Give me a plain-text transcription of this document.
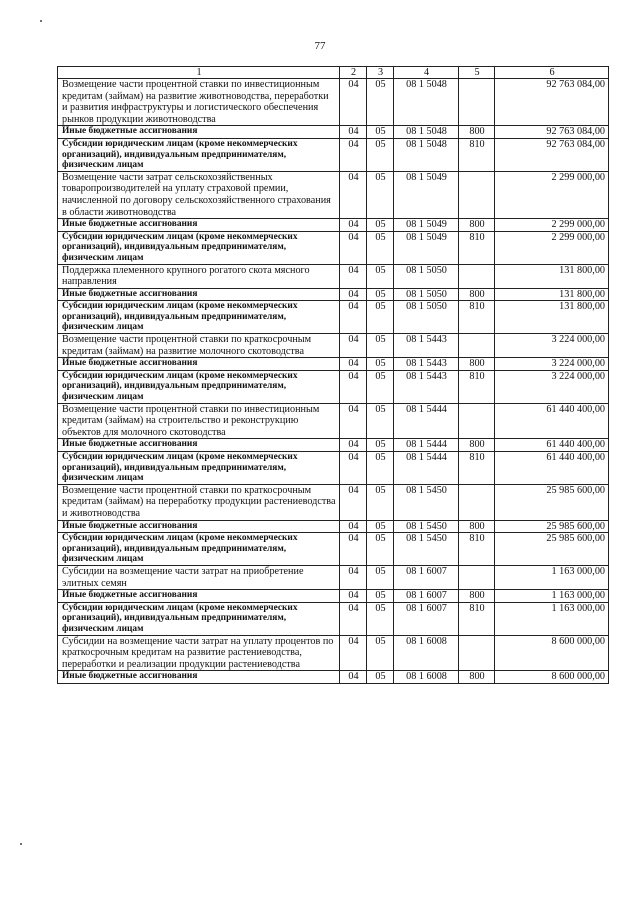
77
1	2	3	4	5	6
Возмещение части процентной ставки по инвестиционным кредитам (займам) на развитие животноводства, переработки и развития инфраструктуры и логистического обеспечения рынков продукции животноводства	04	05	08 1 5048		92 763 084,00
Иные бюджетные ассигнования	04	05	08 1 5048	800	92 763 084,00
Субсидии юридическим лицам (кроме некоммерческих организаций), индивидуальным предпринимателям, физическим лицам	04	05	08 1 5048	810	92 763 084,00
Возмещение части затрат сельскохозяйственных товаропроизводителей на уплату страховой премии, начисленной по договору сельскохозяйственного страхования в области животноводства	04	05	08 1 5049		2 299 000,00
Иные бюджетные ассигнования	04	05	08 1 5049	800	2 299 000,00
Субсидии юридическим лицам (кроме некоммерческих организаций), индивидуальным предпринимателям, физическим лицам	04	05	08 1 5049	810	2 299 000,00
Поддержка племенного крупного рогатого скота мясного направления	04	05	08 1 5050		131 800,00
Иные бюджетные ассигнования	04	05	08 1 5050	800	131 800,00
Субсидии юридическим лицам (кроме некоммерческих организаций), индивидуальным предпринимателям, физическим лицам	04	05	08 1 5050	810	131 800,00
Возмещение части процентной ставки по краткосрочным кредитам (займам) на развитие молочного скотоводства	04	05	08 1 5443		3 224 000,00
Иные бюджетные ассигнования	04	05	08 1 5443	800	3 224 000,00
Субсидии юридическим лицам (кроме некоммерческих организаций), индивидуальным предпринимателям, физическим лицам	04	05	08 1 5443	810	3 224 000,00
Возмещение части процентной ставки по инвестиционным кредитам (займам) на строительство и реконструкцию объектов для молочного скотоводства	04	05	08 1 5444		61 440 400,00
Иные бюджетные ассигнования	04	05	08 1 5444	800	61 440 400,00
Субсидии юридическим лицам (кроме некоммерческих организаций), индивидуальным предпринимателям, физическим лицам	04	05	08 1 5444	810	61 440 400,00
Возмещение части процентной ставки по краткосрочным кредитам (займам) на переработку продукции растениеводства и животноводства	04	05	08 1 5450		25 985 600,00
Иные бюджетные ассигнования	04	05	08 1 5450	800	25 985 600,00
Субсидии юридическим лицам (кроме некоммерческих организаций), индивидуальным предпринимателям, физическим лицам	04	05	08 1 5450	810	25 985 600,00
Субсидии на возмещение части затрат на приобретение элитных семян	04	05	08 1 6007		1 163 000,00
Иные бюджетные ассигнования	04	05	08 1 6007	800	1 163 000,00
Субсидии юридическим лицам (кроме некоммерческих организаций), индивидуальным предпринимателям, физическим лицам	04	05	08 1 6007	810	1 163 000,00
Субсидии на возмещение части затрат на уплату процентов по краткосрочным кредитам на развитие растениеводства, переработки и реализации продукции растениеводства	04	05	08 1 6008		8 600 000,00
Иные бюджетные ассигнования	04	05	08 1 6008	800	8 600 000,00
